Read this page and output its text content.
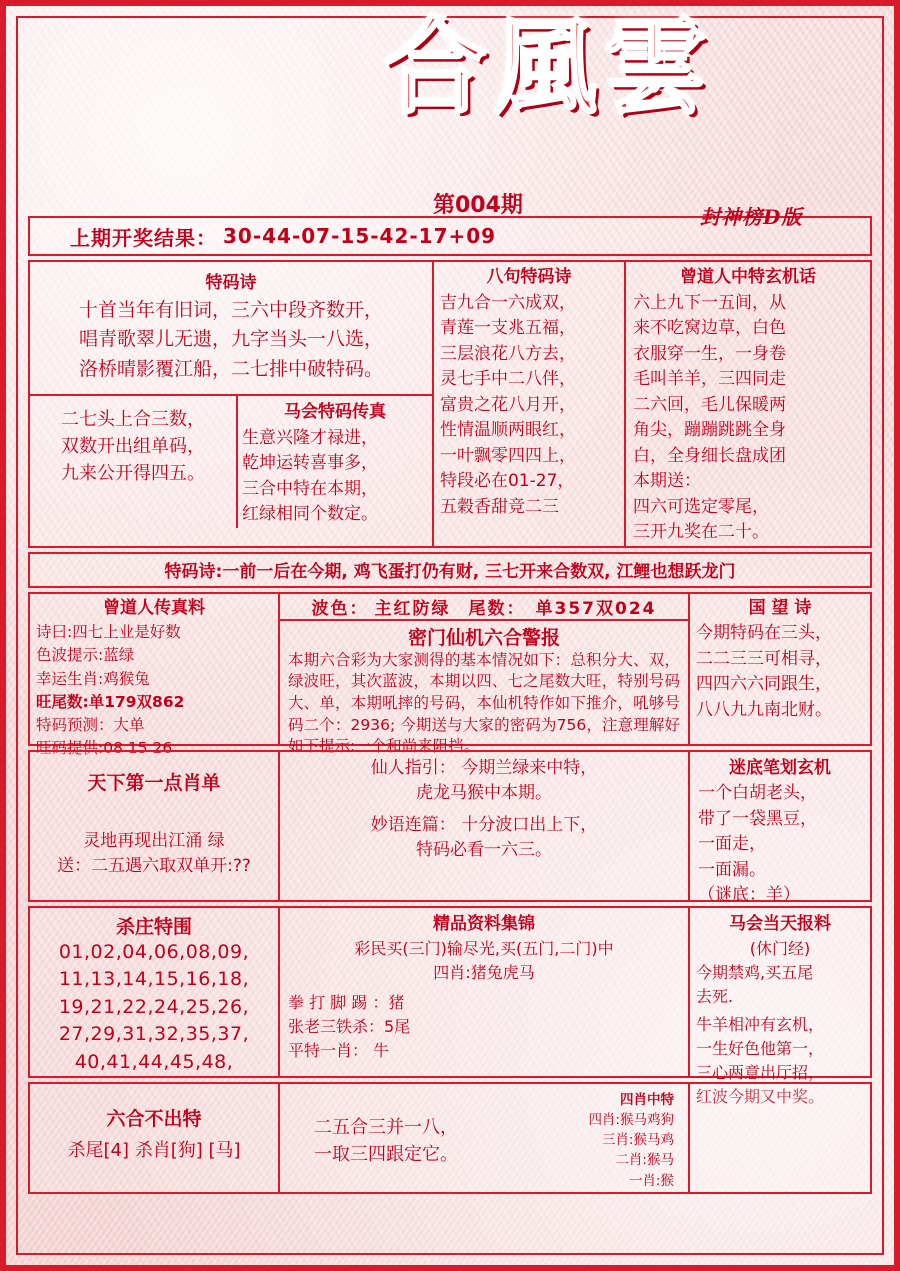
合風雲
第004期	封神榜D版
上期开奖结果： 30-44-07-15-42-17+09
特码诗
十首当年有旧词，三六中段齐数开，
唱青歌翠儿无遗，九字当头一八选，
洛桥晴影覆江船，二七排中破特码。
二七头上合三数，
双数开出组单码，
九来公开得四五。
马会特码传真
生意兴隆才禄进，
乾坤运转喜事多，
三合中特在本期，
红绿相同个数定。
八句特码诗
吉九合一六成双，
青莲一支兆五福，
三层浪花八方去，
灵七手中二八伴，
富贵之花八月开，
性情温顺两眼红，
一叶飘零四四上，
特段必在01-27，
五穀香甜竞二三
曾道人中特玄机话
六上九下一五间，从
来不吃窝边草，白色
衣服穿一生，一身卷
毛叫羊羊，三四同走
二六回，毛儿保暖两
角尖，蹦蹦跳跳全身
白，全身细长盘成团
本期送：
四六可选定零尾，
三开九奖在二十。
特码诗:一前一后在今期, 鸡飞蛋打仍有财, 三七开来合数双, 江鲤也想跃龙门
曾道人传真料
诗曰:四七上业是好数
色波提示:蓝绿
幸运生肖:鸡猴兔
旺尾数:单179双862
特码预测：大单
旺码提供:08 15 26
波色： 主红防绿 尾数： 单357双024
密门仙机六合警报

本期六合彩为大家测得的基本情况如下：总积分大、双，绿波旺，其次蓝波，本期以四、七之尾数大旺，特别号码大、单，本期吼摔的号码，本仙机特作如下推介，吼够号码二个：2936; 今期送与大家的密码为756，注意理解好如下提示:一个和尚来阻挡。

国 望 诗
今期特码在三头，
二二三三可相寻，
四四六六同跟生，
八八九九南北财。
天下第一点肖单
灵地再现出江涌 绿
送：二五遇六取双单开:??
仙人指引： 今期兰绿来中特，
虎龙马猴中本期。
妙语连篇： 十分波口出上下，
特码必看一六三。
迷底笔划玄机
一个白胡老头，
带了一袋黑豆，
一面走，
一面漏。
（谜底：羊）
杀庄特围
01,02,04,06,08,09,
11,13,14,15,16,18,
19,21,22,24,25,26,
27,29,31,32,35,37,
40,41,44,45,48,
精品资料集锦
彩民买(三门)输尽光,买(五门,二门)中
四肖:猪兔虎马
拳 打 脚 踢 ：猪
张老三铁杀：5尾
平特一肖： 牛
马会当天报料
(休门经)
今期禁鸡,买五尾
去死.
牛羊相冲有玄机，
一生好色他第一，
三心两意出厅招，
红波今期又中奖。
六合不出特
杀尾[4] 杀肖[狗] [马]
二五合三并一八，
一取三四跟定它。
四肖中特
四肖:猴马鸡狗
三肖:猴马鸡
二肖:猴马
一肖:猴
